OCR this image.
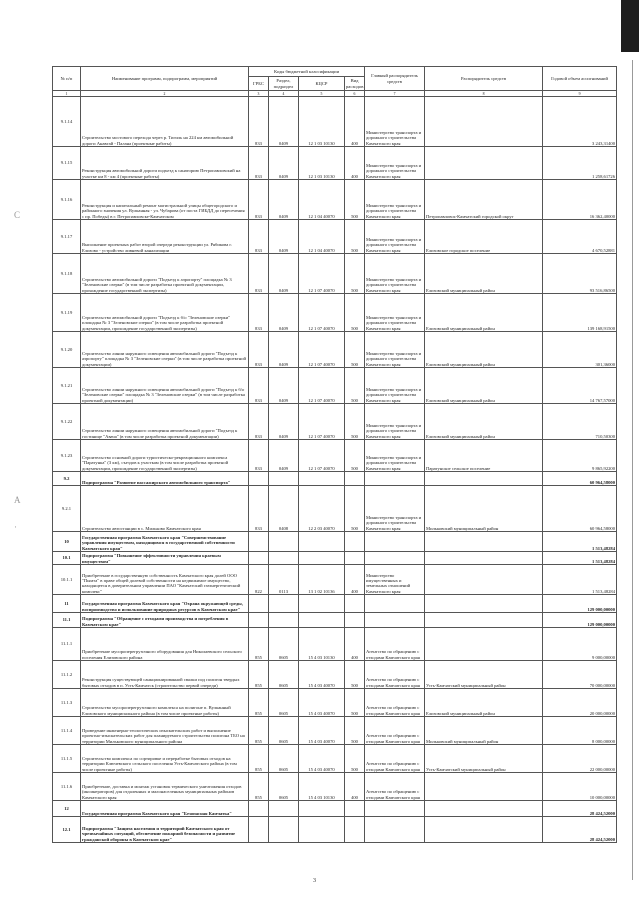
С
А
·
№ п/п	Наименование программ, подпрограмм, мероприятий	Коды бюджетной классификации				Главный распорядитель средств	Распорядитель средств	Годовой объем ассигнований
		ГРБС	Раздел, подраздел	КЦСР	Вид расходов			
1	2	3	4	5	6	7	8	9
9.1.14	Строительство мостового перехода через р. Тигиль на 224 км автомобильной дороги Анавгай - Палана (проектные работы)	833	0409	12 1 03 10130	400	Министерство транспорта и дорожного строительства Камчатского края		3 243,31400
9.1.15	Реконструкция автомобильной дороги подъезд к санаторию Петропавловский на участке км 8 - км 4 (проектные работы)	833	0409	12 1 03 10130	400	Министерство транспорта и дорожного строительства Камчатского края		1 258,61726
9.1.16	Реконструкция и капитальный ремонт магистральной улицы общегородского и районного значения ул. Вулканная - ул. Чубарова (от поста ГИБДД до пересечения с пр. Победы) в г. Петропавловске-Камчатском	833	0409	12 1 04 40070	500	Министерство транспорта и дорожного строительства Камчатского края	Петропавловск-Камчатский городской округ	16 362,40000
9.1.17	Выполнение проектных работ второй очереди реконструкции ул. Рябикова г. Елизово - устройство ливневой канализации	833	0409	12 1 04 40070	500	Министерство транспорта и дорожного строительства Камчатского края	Елизовское городское поселение	4 670,52881
9.1.18	Строительство автомобильной дороги "Подъезд к аэропорту" площадка № 3 "Зеленовские озерки" (в том числе разработка проектной документации, прохождение государственной экспертизы)	833	0409	12 1 07 40070	500	Министерство транспорта и дорожного строительства Камчатского края	Елизовский муниципальный район	93 516,86500
9.1.19	Строительство автомобильной дороги "Подъезд к б/о "Зеленовские озерки" площадка № 3 "Зеленовские озерки" (в том числе разработка проектной документации, прохождение государственной экспертизы)	833	0409	12 1 07 40070	500	Министерство транспорта и дорожного строительства Камчатского края	Елизовский муниципальный район	139 168,91500
9.1.20	Строительство линии наружного освещения автомобильной дороги "Подъезд к аэропорту" площадка № 3 "Зеленовские озерки" (в том числе разработка проектной документации)	833	0409	12 1 07 40070	500	Министерство транспорта и дорожного строительства Камчатского края	Елизовский муниципальный район	301,36000
9.1.21	Строительство линии наружного освещения автомобильной дороги "Подъезд к б/о "Зеленовские озерки" площадка № 3 "Зеленовские озерки" (в том числе разработка проектной документации)	833	0409	12 1 07 40070	500	Министерство транспорта и дорожного строительства Камчатского края	Елизовский муниципальный район	14 767,57000
9.1.22	Строительство линии наружного освещения автомобильной дороги "Подъезд к гостинице "Авача" (в том числе разработка проектной документации)	833	0409	12 1 07 40070	500	Министерство транспорта и дорожного строительства Камчатского края	Елизовский муниципальный район	710,50300
9.1.23	Строительство основной дороги туристическо-рекреационного комплекса "Паратунка" (3 км), съездов к участкам (в том числе разработка проектной документации, прохождение государственной экспертизы)	833	0409	12 1 07 40070	500	Министерство транспорта и дорожного строительства Камчатского края	Паратунское сельское поселение	9 865,92200
9.2	Подпрограмма "Развитие пассажирского автомобильного транспорта"							60 964,58000
9.2.1	Строительство автостанции в с. Мильково Камчатского края	833	0408	12 2 03 40070	500	Министерство транспорта и дорожного строительства Камчатского края	Мильковский муниципальный район	60 964,58000
10	Государственная программа Камчатского края "Совершенствование управления имуществом, находящимся в государственной собственности Камчатского края"							1 513,48284
10.1	Подпрограмма "Повышение эффективности управления краевым имуществом"							1 513,48284
10.1.1	Приобретение в государственную собственность Камчатского края долей ООО "Пымта" в праве общей долевой собственности на недвижимое имущество, находящееся в доверительном управлении ПАО "Камчатский газэнергетический комплекс"	822	0113	13 1 02 10136	400	Министерство имущественных и земельных отношений Камчатского края		1 513,48284
11	Государственная программа Камчатского края "Охрана окружающей среды, воспроизводство и использование природных ресурсов в Камчатском крае"							129 000,00000
11.1	Подпрограмма "Обращение с отходами производства и потребления в Камчатском крае"							129 000,00000
11.1.1	Приобретение мусороперегрузочного оборудования для Николаевского сельского поселения Елизовского района	855	0605	15 4 03 10130	400	Агентство по обращению с отходами Камчатского края		9 000,00000
11.1.2	Реконструкция существующей санкционированной свалки под полигон твердых бытовых отходов в п. Усть-Камчатск (строительство первой очереди)	855	0605	15 4 03 40070	500	Агентство по обращению с отходами Камчатского края	Усть-Камчатский муниципальный район	70 000,00000
11.1.3	Строительство мусороперегрузочного комплекса на полигоне п. Вулканный Елизовского муниципального района (в том числе проектные работы)	855	0605	15 4 03 40070	500	Агентство по обращению с отходами Камчатского края	Елизовский муниципальный район	20 000,00000
11.1.4	Проведение инженерно-геологических изыскательских работ и выполнение проектно-изыскательских работ для планируемого строительства полигона ТБО на территории Мильковского муниципального района	855	0605	15 4 03 40070	500	Агентство по обращению с отходами Камчатского края	Мильковский муниципальный район	8 000,00000
11.1.5	Строительство комплекса по сортировке и переработке бытовых отходов на территории Ключевского сельского поселения Усть-Камчатского района (в том числе проектные работы)	855	0605	15 4 03 40070	500	Агентство по обращению с отходами Камчатского края	Усть-Камчатский муниципальный район	22 000,00000
11.1.6	Приобретение, доставка и монтаж установок термического уничтожения отходов (инсинераторов) для отдаленных и малонаселенных муниципальных районов Камчатского края	855	0605	15 4 03 10130	400	Агентство по обращению с отходами Камчатского края		10 000,00000
12	Государственная программа Камчатского края "Безопасная Камчатка"							28 424,52000
12.1	Подпрограмма "Защита населения и территорий Камчатского края от чрезвычайных ситуаций, обеспечение пожарной безопасности и развитие гражданской обороны в Камчатском крае"							28 424,52000
3
